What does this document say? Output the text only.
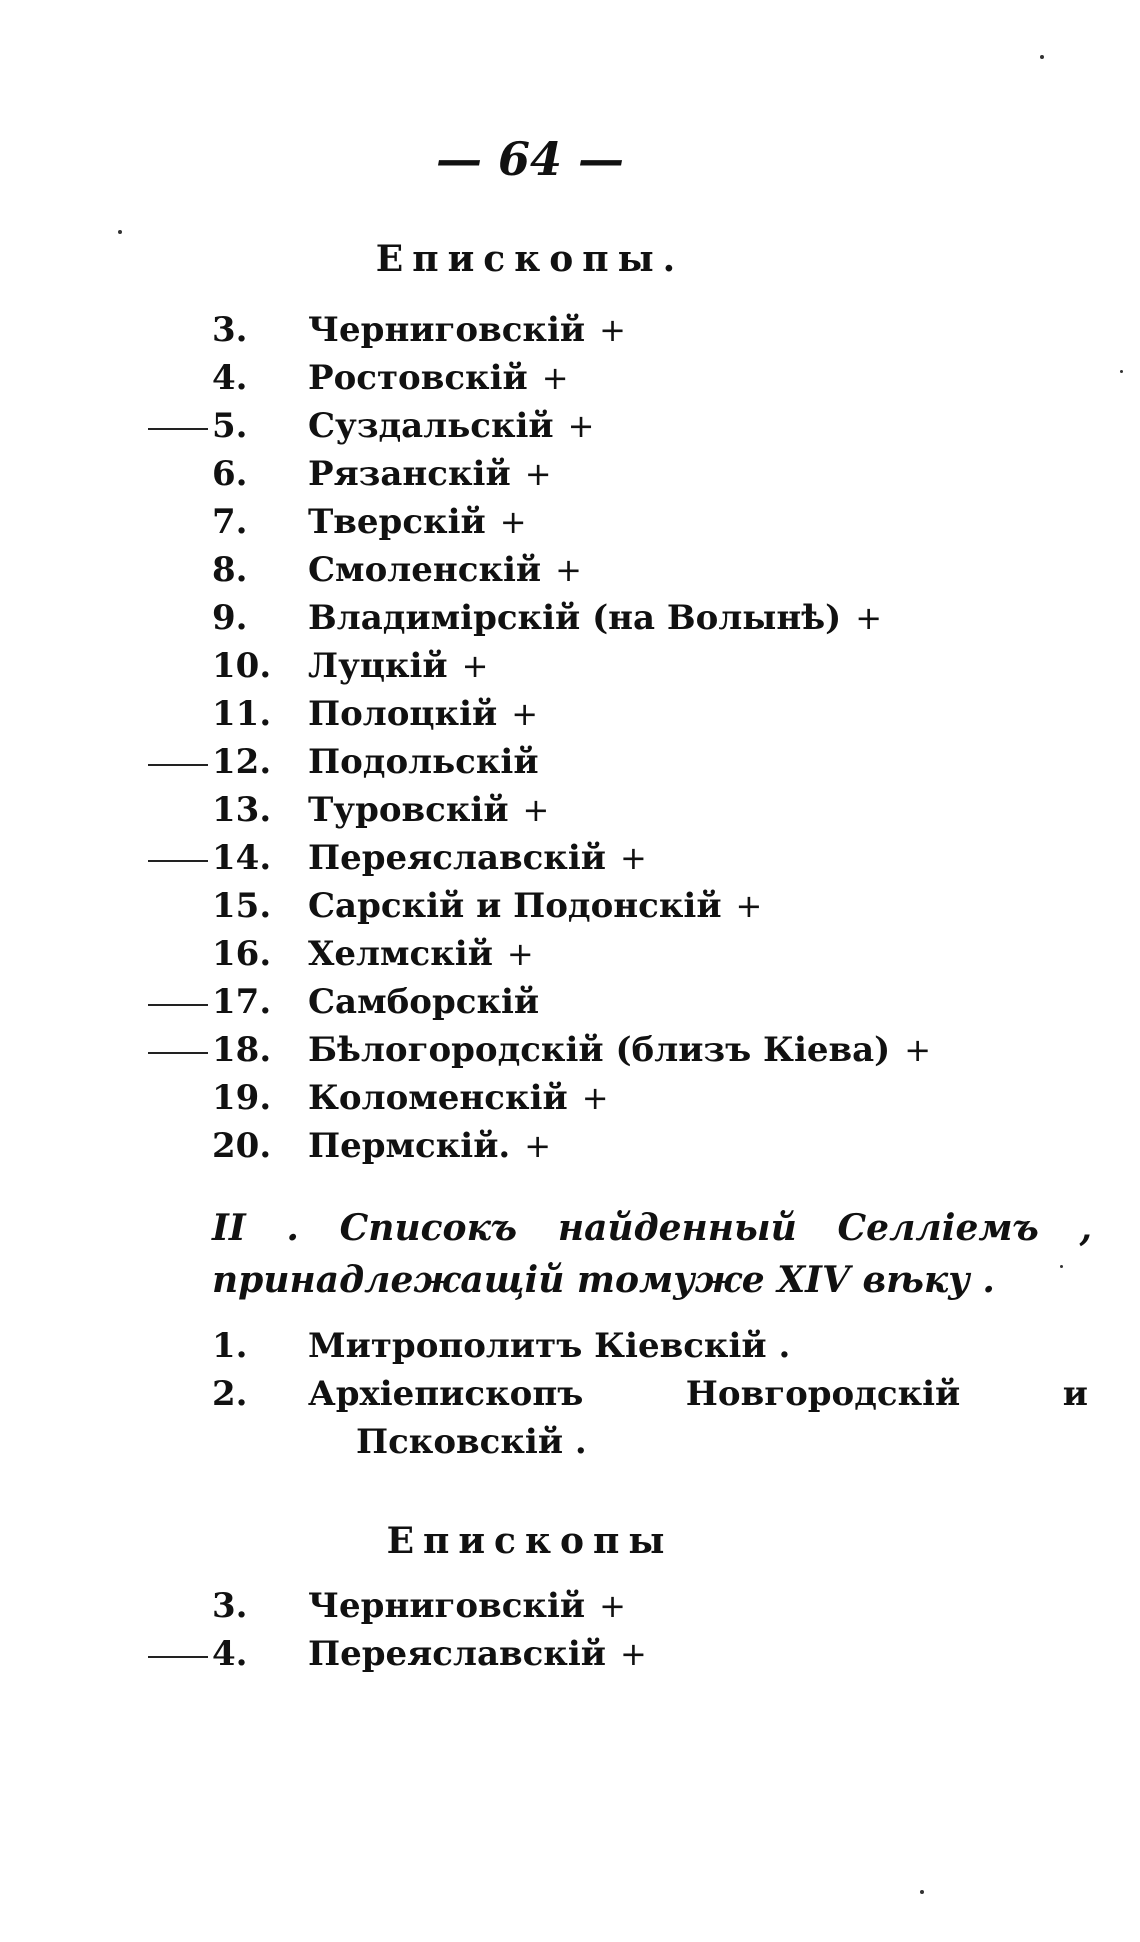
— 64 —
Епископы.
3.	Черниговскій +
4.	Ростовскій +
5.	Суздальскій +
6.	Рязанскій +
7.	Тверскій +
8.	Смоленскій +
9.	Владимірскій (на Волынѣ) +
10.	Луцкій +
11.	Полоцкій +
12.	Подольскій
13.	Туровскій +
14.	Переяславскій +
15.	Сарскій и Подонскій +
16.	Хелмскій +
17.	Самборскій
18.	Бѣлогородскій (близъ Кіева) +
19.	Коломенскій +
20.	Пермскій. +
II . Списокъ найденный Селліемъ ,
принадлежащій томуже XIV вѣку .
1.	Митрополитъ Кіевскій .
2.	Архіепископъ Новгородскій и
Псковскій .
Епископы
3.	Черниговскій +
4.	Переяславскій +
